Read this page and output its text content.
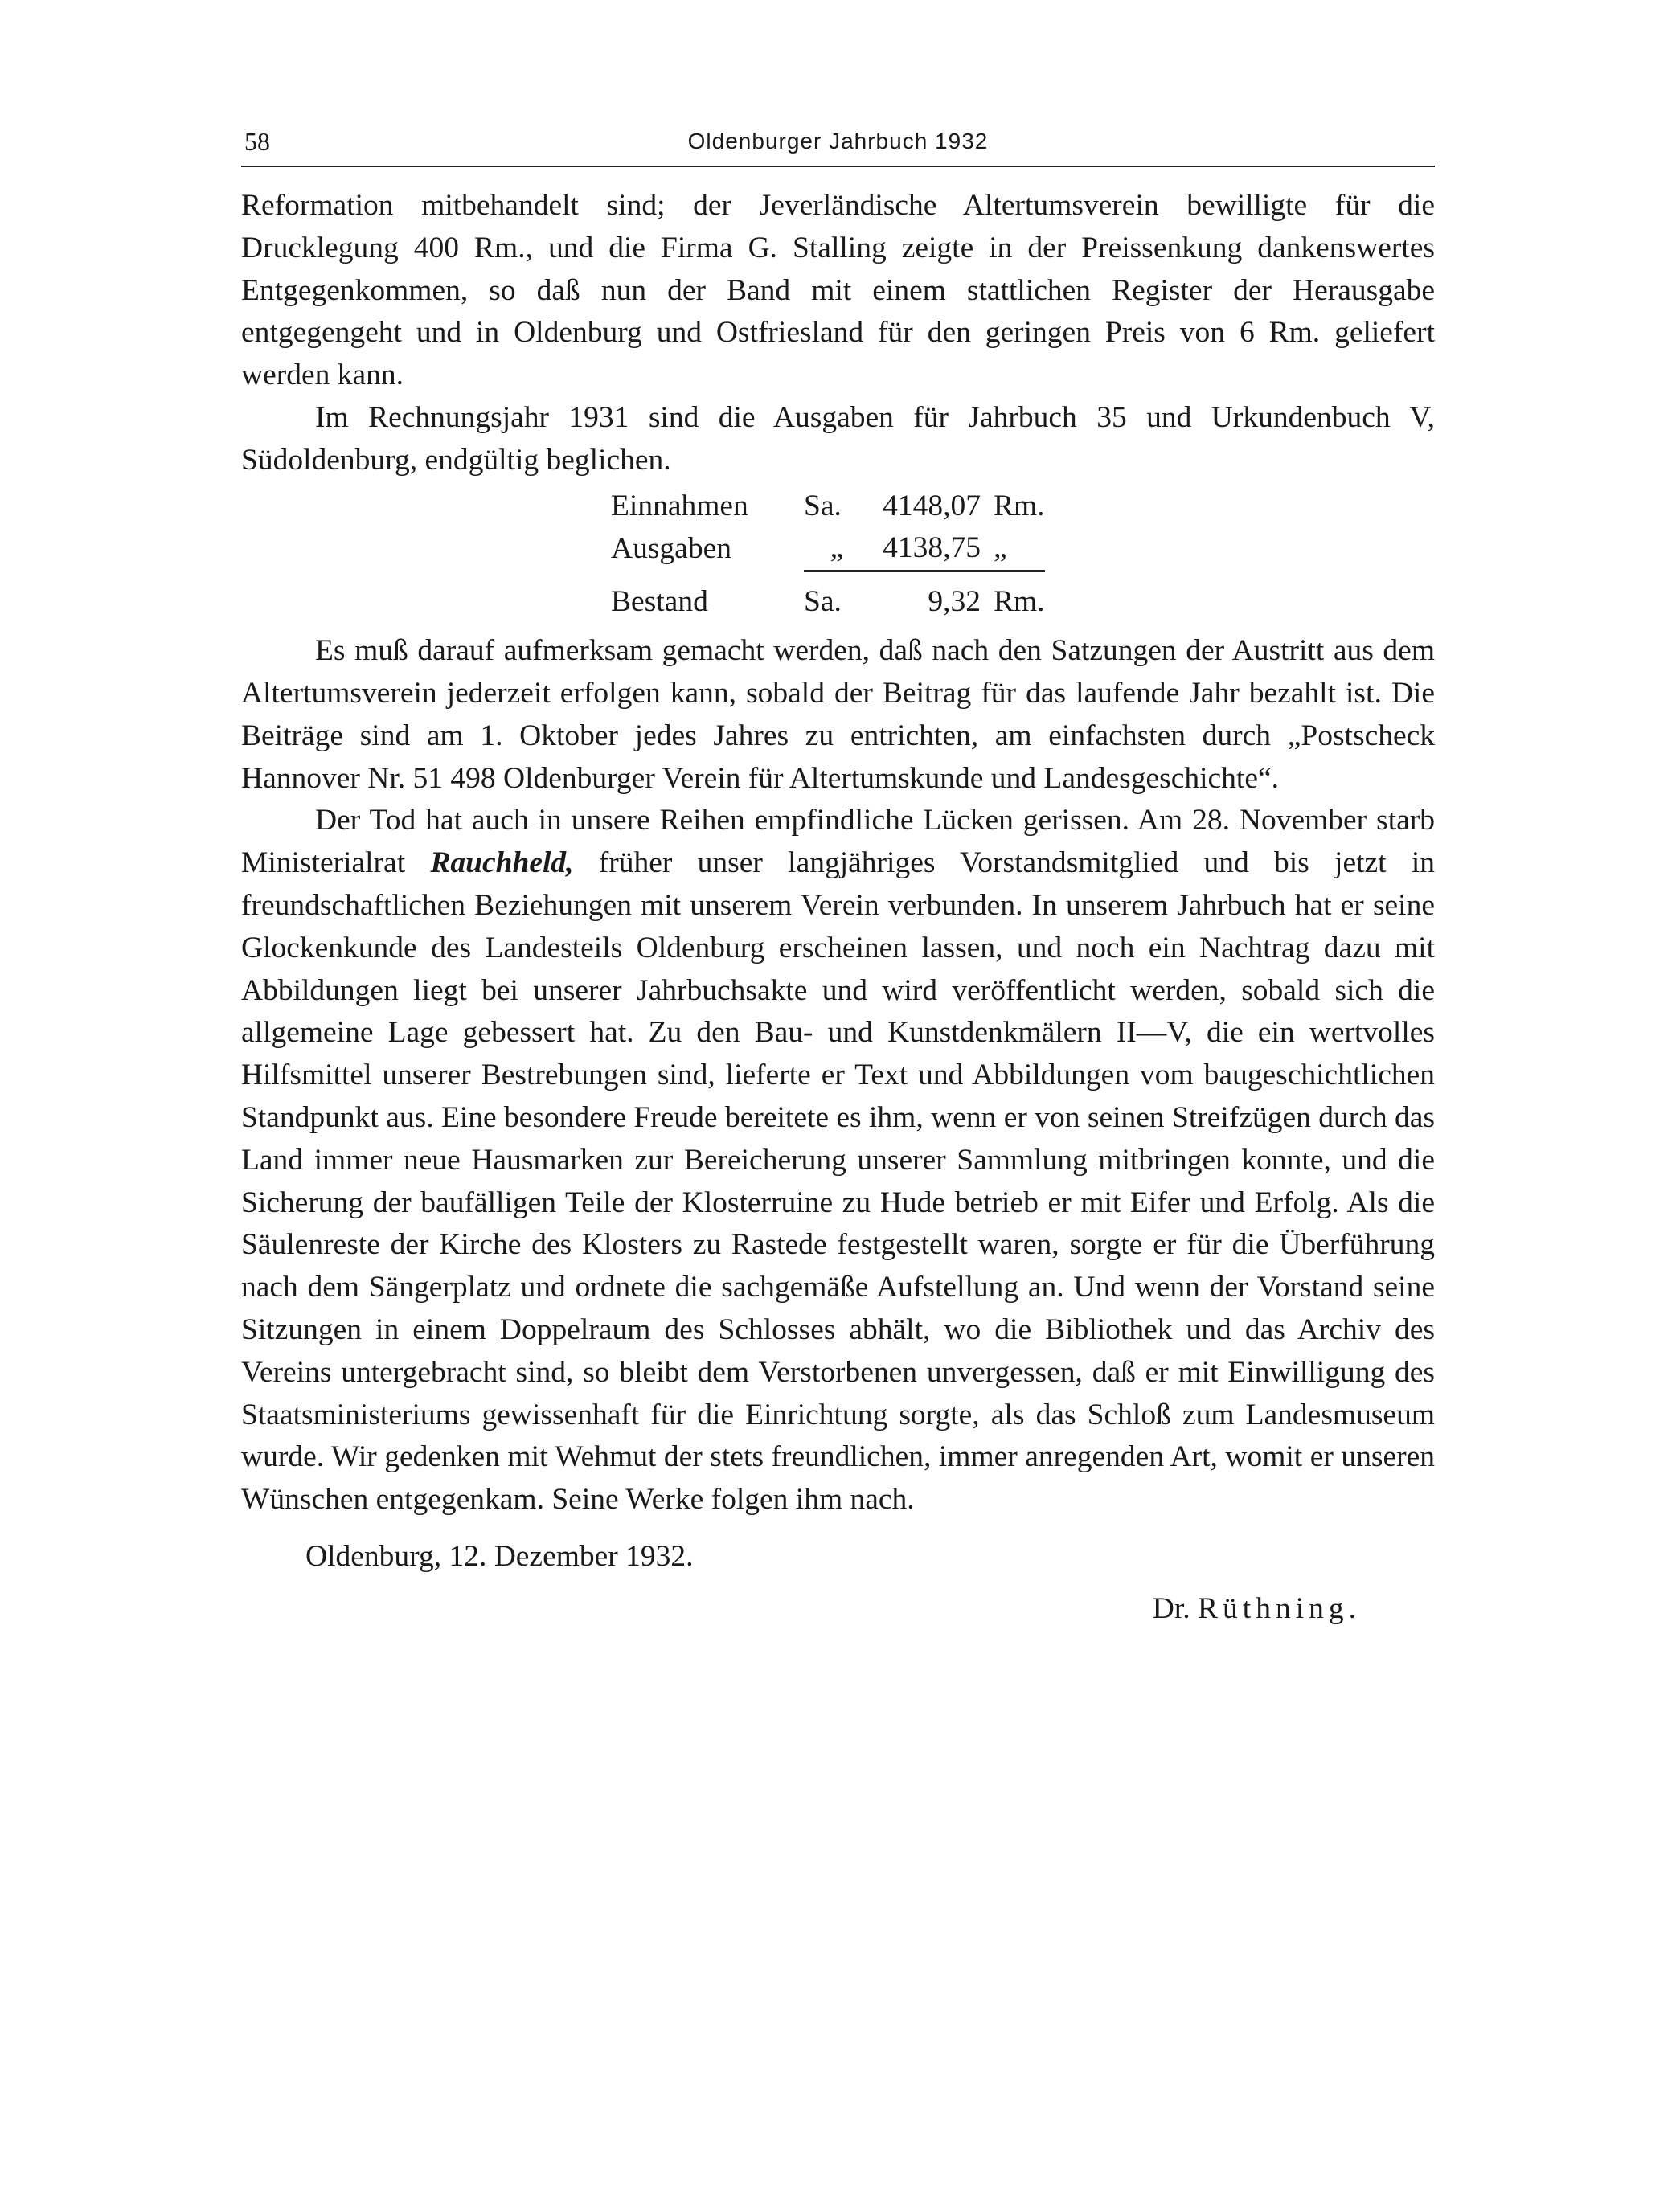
58	Oldenburger Jahrbuch 1932

Reformation mitbehandelt sind; der Jeverländische Altertumsverein bewilligte für die Drucklegung 400 Rm., und die Firma G. Stalling zeigte in der Preissenkung dankenswertes Entgegenkommen, so daß nun der Band mit einem stattlichen Register der Herausgabe entgegengeht und in Oldenburg und Ostfriesland für den geringen Preis von 6 Rm. geliefert werden kann.

Im Rechnungsjahr 1931 sind die Ausgaben für Jahrbuch 35 und Urkundenbuch V, Südoldenburg, endgültig beglichen.

Einnahmen	Sa.	4148,07	Rm.
Ausgaben	„	4138,75	„
Bestand	Sa.	9,32	Rm.

Es muß darauf aufmerksam gemacht werden, daß nach den Satzungen der Austritt aus dem Altertumsverein jederzeit erfolgen kann, sobald der Beitrag für das laufende Jahr bezahlt ist. Die Beiträge sind am 1. Oktober jedes Jahres zu entrichten, am einfachsten durch „Postscheck Hannover Nr. 51 498 Oldenburger Verein für Altertumskunde und Landesgeschichte“.

Der Tod hat auch in unsere Reihen empfindliche Lücken gerissen. Am 28. November starb Ministerialrat Rauchheld, früher unser langjähriges Vorstandsmitglied und bis jetzt in freundschaftlichen Beziehungen mit unserem Verein verbunden. In unserem Jahrbuch hat er seine Glockenkunde des Landesteils Oldenburg erscheinen lassen, und noch ein Nachtrag dazu mit Abbildungen liegt bei unserer Jahrbuchsakte und wird veröffentlicht werden, sobald sich die allgemeine Lage gebessert hat. Zu den Bau- und Kunstdenkmälern II—V, die ein wertvolles Hilfsmittel unserer Bestrebungen sind, lieferte er Text und Abbildungen vom baugeschichtlichen Standpunkt aus. Eine besondere Freude bereitete es ihm, wenn er von seinen Streifzügen durch das Land immer neue Hausmarken zur Bereicherung unserer Sammlung mitbringen konnte, und die Sicherung der baufälligen Teile der Klosterruine zu Hude betrieb er mit Eifer und Erfolg. Als die Säulenreste der Kirche des Klosters zu Rastede festgestellt waren, sorgte er für die Überführung nach dem Sängerplatz und ordnete die sachgemäße Aufstellung an. Und wenn der Vorstand seine Sitzungen in einem Doppelraum des Schlosses abhält, wo die Bibliothek und das Archiv des Vereins untergebracht sind, so bleibt dem Verstorbenen unvergessen, daß er mit Einwilligung des Staatsministeriums gewissenhaft für die Einrichtung sorgte, als das Schloß zum Landesmuseum wurde. Wir gedenken mit Wehmut der stets freundlichen, immer anregenden Art, womit er unseren Wünschen entgegenkam. Seine Werke folgen ihm nach.

Oldenburg, 12. Dezember 1932.
Dr. Rüthning.
